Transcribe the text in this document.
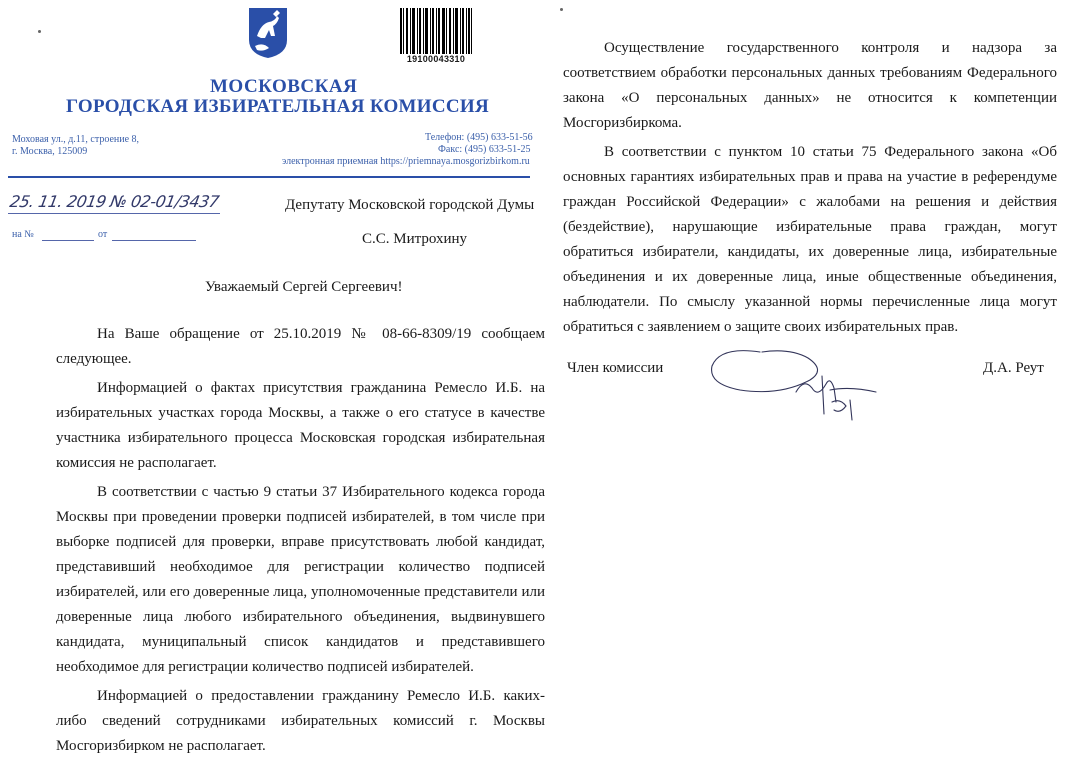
19100043310
МОСКОВСКАЯ
ГОРОДСКАЯ ИЗБИРАТЕЛЬНАЯ КОМИССИЯ
Моховая ул., д.11, строение 8,
г. Москва, 125009
Телефон: (495) 633-51-56
Факс: (495) 633-51-25
электронная приемная https://priemnaya.mosgorizbirkom.ru
25. 11. 2019 № 02-01/3437
на №	от
Депутату Московской городской Думы
С.С. Митрохину
Уважаемый Сергей Сергеевич!

На Ваше обращение от 25.10.2019 № 08-66-8309/19 сообщаем следующее.

Информацией о фактах присутствия гражданина Ремесло И.Б. на избирательных участках города Москвы, а также о его статусе в качестве участника избирательного процесса Московская городская избирательная комиссия не располагает.

В соответствии с частью 9 статьи 37 Избирательного кодекса города Москвы при проведении проверки подписей избирателей, в том числе при выборке подписей для проверки, вправе присутствовать любой кандидат, представивший необходимое для регистрации количество подписей избирателей, или его доверенные лица, уполномоченные представители или доверенные лица любого избирательного объединения, выдвинувшего кандидата, муниципальный список кандидатов и представившего необходимое для регистрации количество подписей избирателей.

Информацией о предоставлении гражданину Ремесло И.Б. каких-либо сведений сотрудниками избирательных комиссий г. Москвы Мосгоризбирком не располагает.

Осуществление государственного контроля и надзора за соответствием обработки персональных данных требованиям Федерального закона «О персональных данных» не относится к компетенции Мосгоризбиркома.

В соответствии с пунктом 10 статьи 75 Федерального закона «Об основных гарантиях избирательных прав и права на участие в референдуме граждан Российской Федерации» с жалобами на решения и действия (бездействие), нарушающие избирательные права граждан, могут обратиться избиратели, кандидаты, их доверенные лица, избирательные объединения и их доверенные лица, иные общественные объединения, наблюдатели. По смыслу указанной нормы перечисленные лица могут обратиться с заявлением о защите своих избирательных прав.

Член комиссии	Д.А. Реут
